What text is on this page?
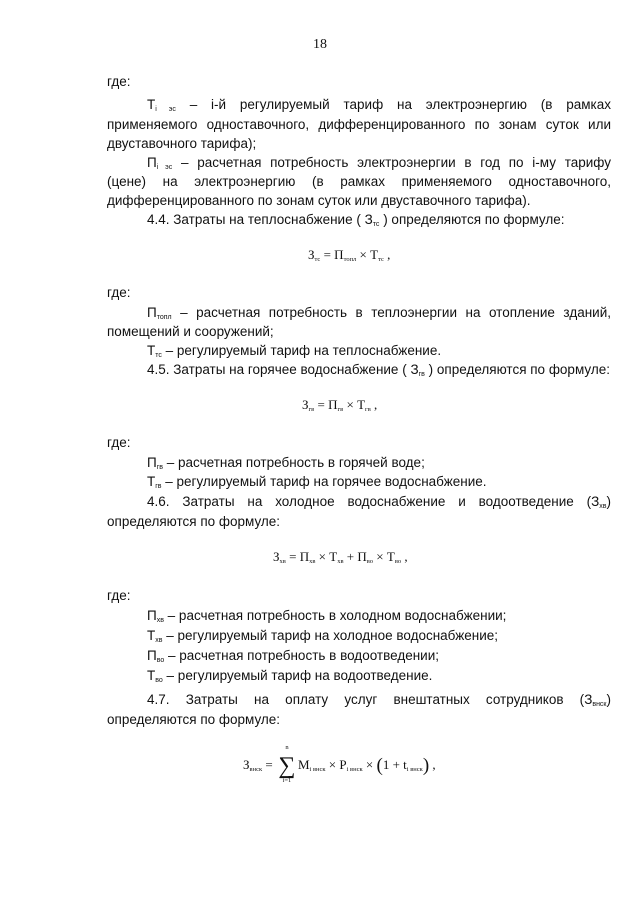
18
где:
$Т_{i эс} - i-й$ регулируемый тариф на электроэнергию (в рамках
применяемого одноставочного, дифференцированного по зонам суток или
двуставочного тарифа);
$П_{i эс}$ – расчетная потребность электроэнергии в год по i-му тарифу
(цене) на электроэнергию (в рамках применяемого одноставочного,
дифференцированного по зонам суток или двуставочного тарифа).
4.4. Затраты на теплоснабжение ( $З_{тс}$ ) определяются по формуле:
$З_{тс} = П_{топл} \times Т_{тс}$ ,
где:
$П_{топл}$ – расчетная потребность в теплоэнергии на отопление зданий,
помещений и сооружений;
$Т_{тс}$ – регулируемый тариф на теплоснабжение.
4.5. Затраты на горячее водоснабжение ( $З_{гв}$ ) определяются по формуле:
$З_{гв} = П_{гв} \times Т_{гв}$ ,
где:
$П_{гв}$ – расчетная потребность в горячей воде;
$Т_{гв}$ – регулируемый тариф на горячее водоснабжение.
4.6. Затраты на холодное водоснабжение и водоотведение $(З_{хв})$
определяются по формуле:
$З_{хв} = П_{хв} \times Т_{хв} + П_{во} \times Т_{во}$ ,
где:
$П_{хв}$ – расчетная потребность в холодном водоснабжении;
$Т_{хв}$ – регулируемый тариф на холодное водоснабжение;
$П_{во}$ – расчетная потребность в водоотведении;
$Т_{во}$ – регулируемый тариф на водоотведение.
4.7. Затраты на оплату услуг внештатных сотрудников $(З_{внск})$
определяются по формуле:
$З_{внск}$ =
n
∑
i=1
$М_{i внск} \times Р_{i внск} \times (1 + t_{i внск})$ ,
